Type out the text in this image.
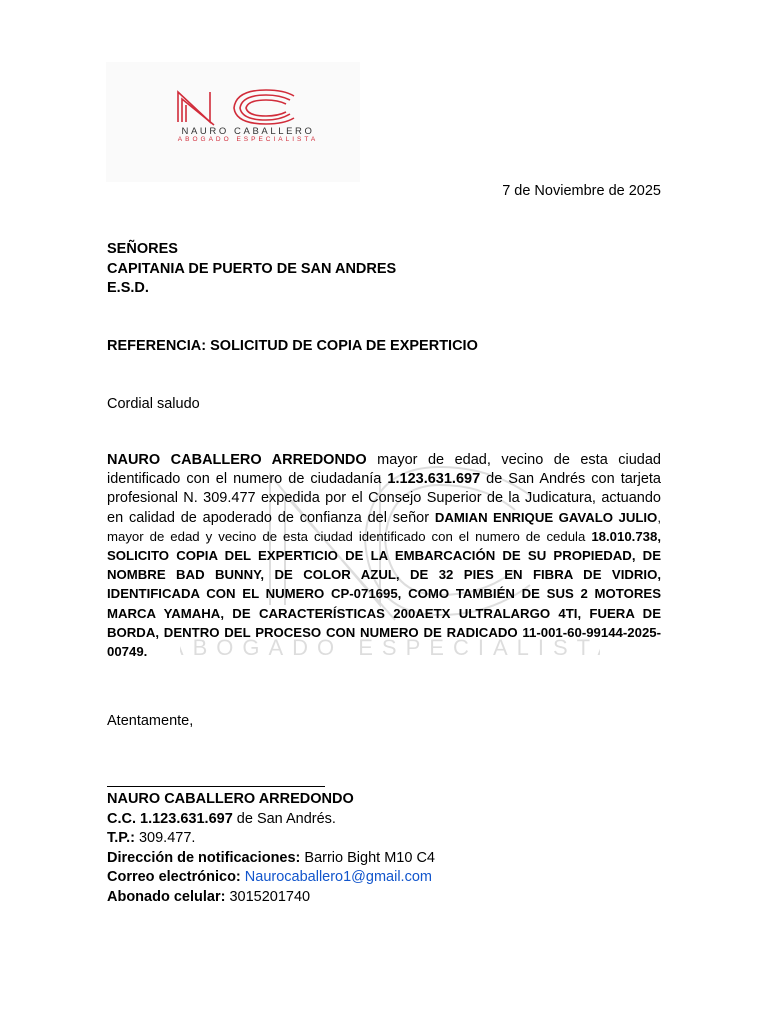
NAURO CABALLERO
ABOGADO ESPECIALISTA
ABOGADO ESPECIALISTA
7 de Noviembre de 2025
SEÑORES
CAPITANIA DE PUERTO DE SAN ANDRES
E.S.D.
REFERENCIA: SOLICITUD DE COPIA DE EXPERTICIO
Cordial saludo
NAURO CABALLERO ARREDONDO mayor de edad, vecino de esta ciudad identificado con el numero de ciudadanía 1.123.631.697 de San Andrés con tarjeta profesional N. 309.477 expedida por el Consejo Superior de la Judicatura, actuando en calidad de apoderado de confianza del señor DAMIAN ENRIQUE GAVALO JULIO, mayor de edad y vecino de esta ciudad identificado con el numero de cedula 18.010.738, SOLICITO COPIA DEL EXPERTICIO DE LA EMBARCACIÓN DE SU PROPIEDAD, DE NOMBRE BAD BUNNY, DE COLOR AZUL, DE 32 PIES EN FIBRA DE VIDRIO, IDENTIFICADA CON EL NUMERO CP-071695, COMO TAMBIÉN DE SUS 2 MOTORES MARCA YAMAHA, DE CARACTERÍSTICAS 200AETX ULTRALARGO 4TI, FUERA DE BORDA, DENTRO DEL PROCESO CON NUMERO DE RADICADO 11-001-60-99144-2025-00749.
Atentamente,
NAURO CABALLERO ARREDONDO
C.C. 1.123.631.697 de San Andrés.
T.P.: 309.477.
Dirección de notificaciones: Barrio Bight M10 C4
Correo electrónico: Naurocaballero1@gmail.com
Abonado celular: 3015201740
